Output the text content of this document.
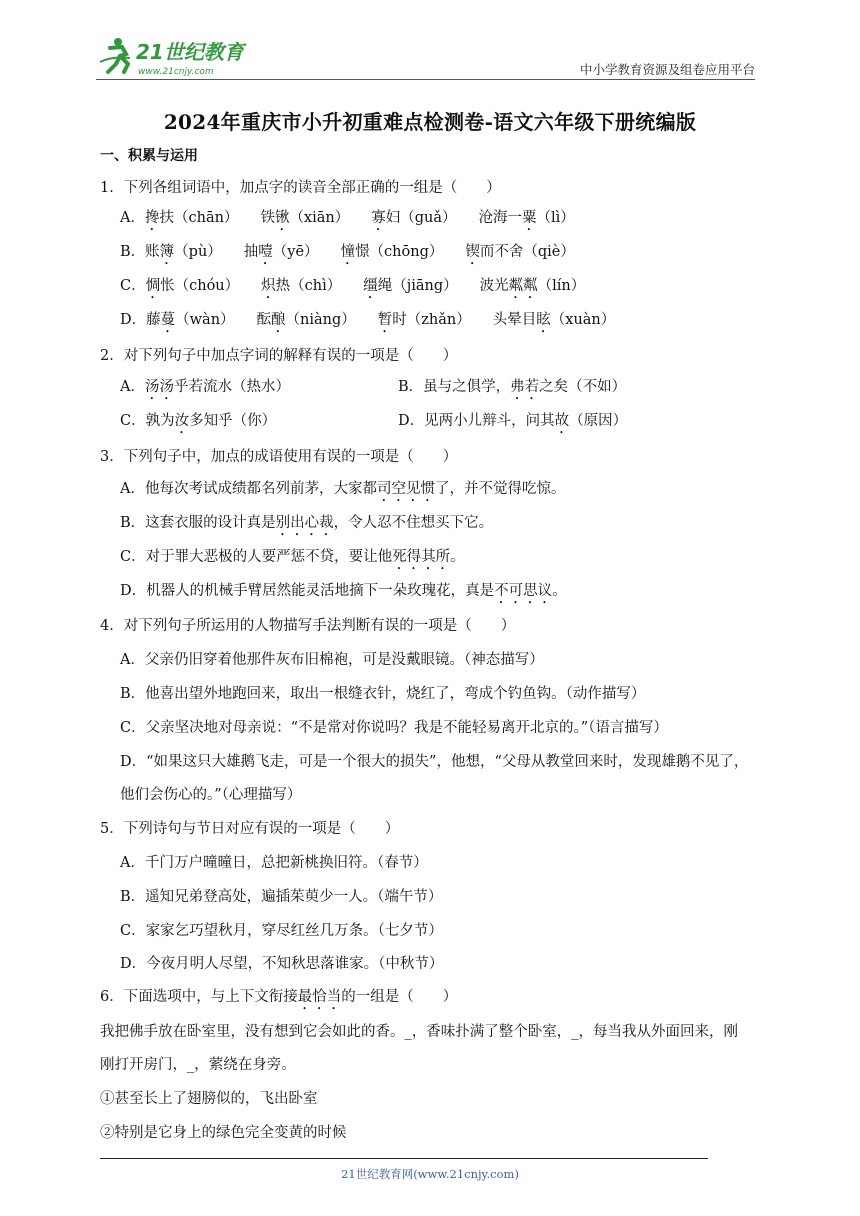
21世纪教育
www.21cnjy.com	中小学教育资源及组卷应用平台
2024年重庆市小升初重难点检测卷-语文六年级下册统编版
一、积累与运用
1．下列各组词语中，加点字的读音全部正确的一组是（　　）
A．搀扶（chān） 铁锹（xiān） 寡妇（guǎ） 沧海一粟（lì）
B．账簿（pù） 抽噎（yē） 憧憬（chōng） 锲而不舍（qiè）
C．惆怅（chóu） 炽热（chì） 缰绳（jiāng） 波光粼粼（lín）
D．藤蔓（wàn） 酝酿（niàng） 暂时（zhǎn） 头晕目眩（xuàn）
2．对下列句子中加点字词的解释有误的一项是（　　）
A．汤汤乎若流水（热水）	B．虽与之俱学，弗若之矣（不如）
C．孰为汝多知乎（你）	D．见两小儿辩斗，问其故（原因）
3．下列句子中，加点的成语使用有误的一项是（　　）
A．他每次考试成绩都名列前茅，大家都司空见惯了，并不觉得吃惊。
B．这套衣服的设计真是别出心裁，令人忍不住想买下它。
C．对于罪大恶极的人要严惩不贷，要让他死得其所。
D．机器人的机械手臂居然能灵活地摘下一朵玫瑰花，真是不可思议。
4．对下列句子所运用的人物描写手法判断有误的一项是（　　）
A．父亲仍旧穿着他那件灰布旧棉袍，可是没戴眼镜。（神态描写）
B．他喜出望外地跑回来，取出一根缝衣针，烧红了，弯成个钓鱼钩。（动作描写）
C．父亲坚决地对母亲说：“不是常对你说吗？我是不能轻易离开北京的。”（语言描写）
D．“如果这只大雄鹅飞走，可是一个很大的损失”，他想，“父母从教堂回来时，发现雄鹅不见了，
他们会伤心的。”（心理描写）
5．下列诗句与节日对应有误的一项是（　　）
A．千门万户曈曈日，总把新桃换旧符。（春节）
B．遥知兄弟登高处，遍插茱萸少一人。（端午节）
C．家家乞巧望秋月，穿尽红丝几万条。（七夕节）
D．今夜月明人尽望，不知秋思落谁家。（中秋节）
6．下面选项中，与上下文衔接最恰当的一组是（　　）
我把佛手放在卧室里，没有想到它会如此的香。_，香味扑满了整个卧室，_，每当我从外面回来，刚
刚打开房门，_，萦绕在身旁。
①甚至长上了翅膀似的，飞出卧室
②特别是它身上的绿色完全变黄的时候
21世纪教育网(www.21cnjy.com)
